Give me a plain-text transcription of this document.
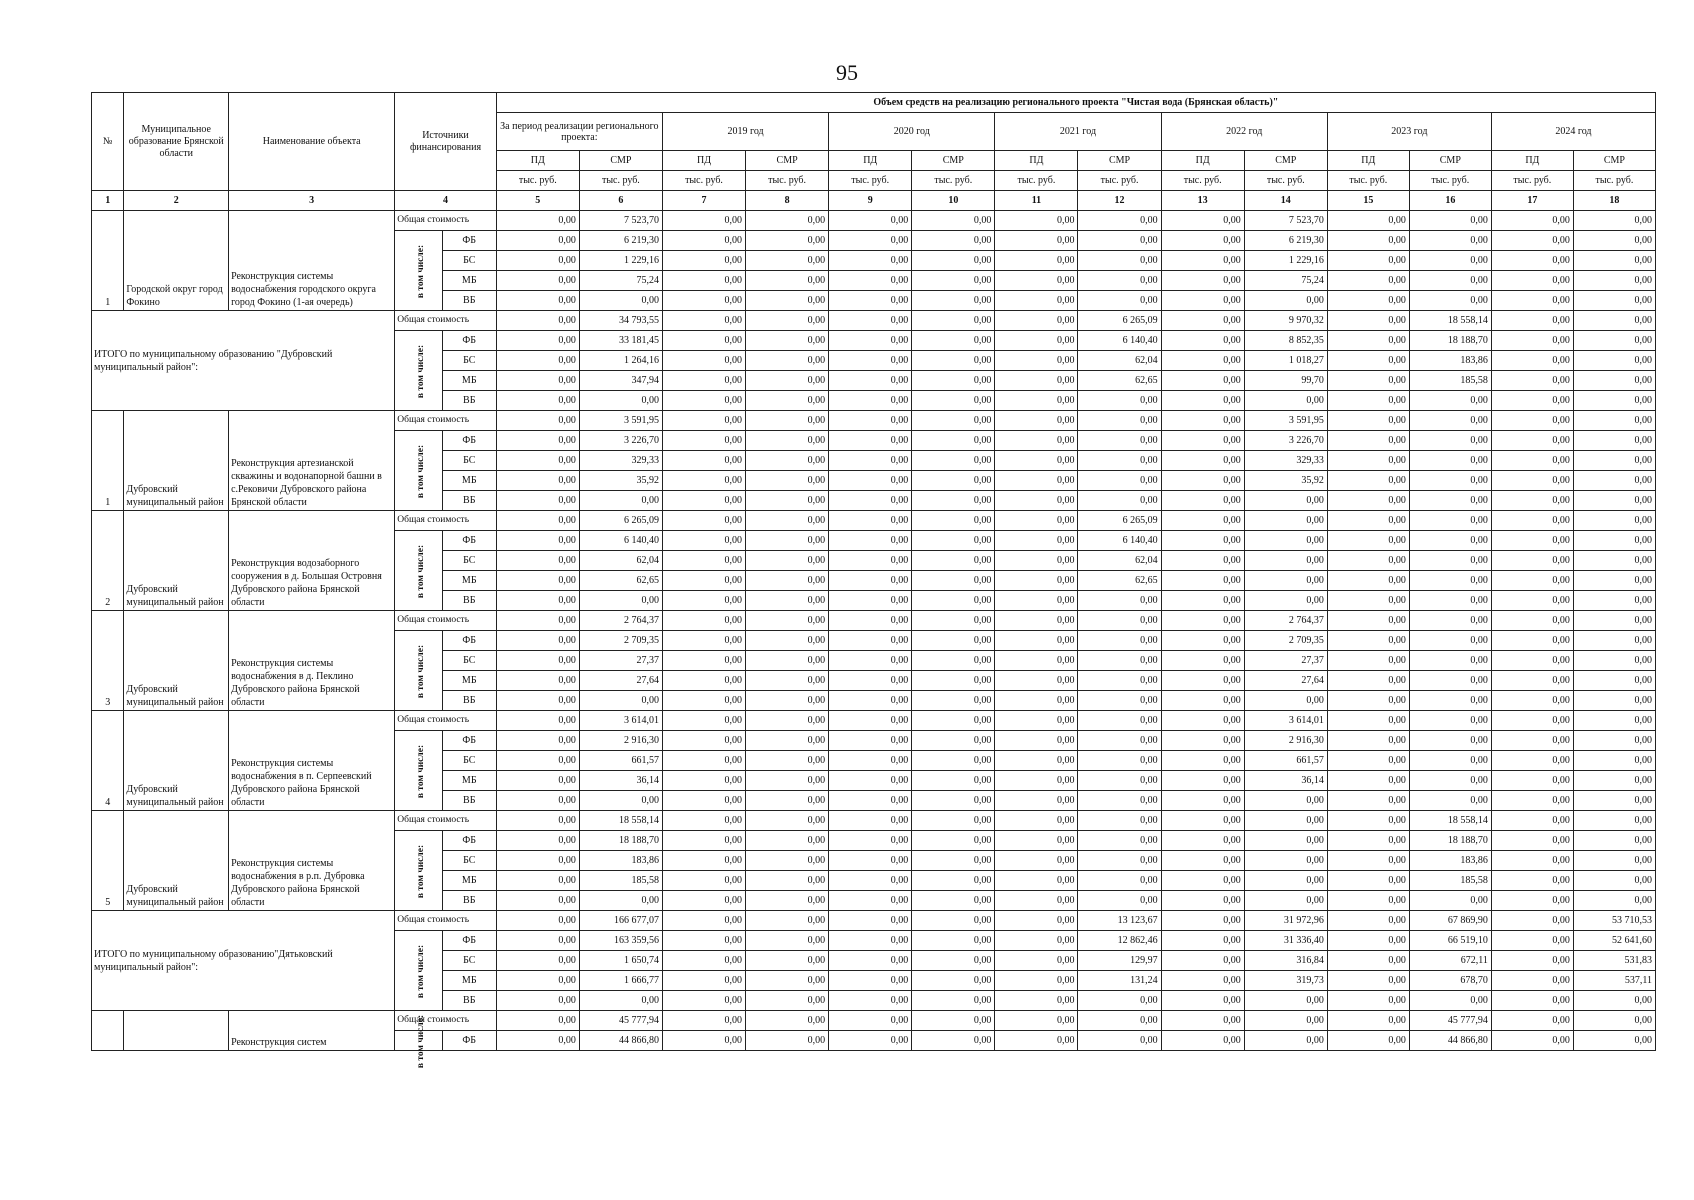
95
№	Муниципальное образование Брянской области	Наименование объекта	Источники финансирования		Объем средств на реализацию регионального проекта "Чистая вода (Брянская область)"													
					За период реализации регионального проекта:		2019 год		2020 год		2021 год		2022 год		2023 год		2024 год	
					ПД	СМР	ПД	СМР	ПД	СМР	ПД	СМР	ПД	СМР	ПД	СМР	ПД	СМР
					тыс. руб.	тыс. руб.	тыс. руб.	тыс. руб.	тыс. руб.	тыс. руб.	тыс. руб.	тыс. руб.	тыс. руб.	тыс. руб.	тыс. руб.	тыс. руб.	тыс. руб.	тыс. руб.
1	2	3	4		5	6	7	8	9	10	11	12	13	14	15	16	17	18
1	Городской округ город Фокино	Реконструкция системы водоснабжения городского округа город Фокино (1-ая очередь)	Общая стоимость		0,00	7 523,70	0,00	0,00	0,00	0,00	0,00	0,00	0,00	7 523,70	0,00	0,00	0,00	0,00
			в том числе:	ФБ	0,00	6 219,30	0,00	0,00	0,00	0,00	0,00	0,00	0,00	6 219,30	0,00	0,00	0,00	0,00
				БС	0,00	1 229,16	0,00	0,00	0,00	0,00	0,00	0,00	0,00	1 229,16	0,00	0,00	0,00	0,00
				МБ	0,00	75,24	0,00	0,00	0,00	0,00	0,00	0,00	0,00	75,24	0,00	0,00	0,00	0,00
				ВБ	0,00	0,00	0,00	0,00	0,00	0,00	0,00	0,00	0,00	0,00	0,00	0,00	0,00	0,00
ИТОГО по муниципальному образованию "Дубровский муниципальный район":			Общая стоимость		0,00	34 793,55	0,00	0,00	0,00	0,00	0,00	6 265,09	0,00	9 970,32	0,00	18 558,14	0,00	0,00
			в том числе:	ФБ	0,00	33 181,45	0,00	0,00	0,00	0,00	0,00	6 140,40	0,00	8 852,35	0,00	18 188,70	0,00	0,00
				БС	0,00	1 264,16	0,00	0,00	0,00	0,00	0,00	62,04	0,00	1 018,27	0,00	183,86	0,00	0,00
				МБ	0,00	347,94	0,00	0,00	0,00	0,00	0,00	62,65	0,00	99,70	0,00	185,58	0,00	0,00
				ВБ	0,00	0,00	0,00	0,00	0,00	0,00	0,00	0,00	0,00	0,00	0,00	0,00	0,00	0,00
1	Дубровский муниципальный район	Реконструкция артезианской скважины и водонапорной башни в с.Рековичи Дубровского района Брянской области	Общая стоимость		0,00	3 591,95	0,00	0,00	0,00	0,00	0,00	0,00	0,00	3 591,95	0,00	0,00	0,00	0,00
			в том числе:	ФБ	0,00	3 226,70	0,00	0,00	0,00	0,00	0,00	0,00	0,00	3 226,70	0,00	0,00	0,00	0,00
				БС	0,00	329,33	0,00	0,00	0,00	0,00	0,00	0,00	0,00	329,33	0,00	0,00	0,00	0,00
				МБ	0,00	35,92	0,00	0,00	0,00	0,00	0,00	0,00	0,00	35,92	0,00	0,00	0,00	0,00
				ВБ	0,00	0,00	0,00	0,00	0,00	0,00	0,00	0,00	0,00	0,00	0,00	0,00	0,00	0,00
2	Дубровский муниципальный район	Реконструкция водозаборного сооружения в д. Большая Островня Дубровского района Брянской области	Общая стоимость		0,00	6 265,09	0,00	0,00	0,00	0,00	0,00	6 265,09	0,00	0,00	0,00	0,00	0,00	0,00
			в том числе:	ФБ	0,00	6 140,40	0,00	0,00	0,00	0,00	0,00	6 140,40	0,00	0,00	0,00	0,00	0,00	0,00
				БС	0,00	62,04	0,00	0,00	0,00	0,00	0,00	62,04	0,00	0,00	0,00	0,00	0,00	0,00
				МБ	0,00	62,65	0,00	0,00	0,00	0,00	0,00	62,65	0,00	0,00	0,00	0,00	0,00	0,00
				ВБ	0,00	0,00	0,00	0,00	0,00	0,00	0,00	0,00	0,00	0,00	0,00	0,00	0,00	0,00
3	Дубровский муниципальный район	Реконструкция системы водоснабжения в д. Пеклино Дубровского района Брянской области	Общая стоимость		0,00	2 764,37	0,00	0,00	0,00	0,00	0,00	0,00	0,00	2 764,37	0,00	0,00	0,00	0,00
			в том числе:	ФБ	0,00	2 709,35	0,00	0,00	0,00	0,00	0,00	0,00	0,00	2 709,35	0,00	0,00	0,00	0,00
				БС	0,00	27,37	0,00	0,00	0,00	0,00	0,00	0,00	0,00	27,37	0,00	0,00	0,00	0,00
				МБ	0,00	27,64	0,00	0,00	0,00	0,00	0,00	0,00	0,00	27,64	0,00	0,00	0,00	0,00
				ВБ	0,00	0,00	0,00	0,00	0,00	0,00	0,00	0,00	0,00	0,00	0,00	0,00	0,00	0,00
4	Дубровский муниципальный район	Реконструкция системы водоснабжения в п. Серпеевский Дубровского района Брянской области	Общая стоимость		0,00	3 614,01	0,00	0,00	0,00	0,00	0,00	0,00	0,00	3 614,01	0,00	0,00	0,00	0,00
			в том числе:	ФБ	0,00	2 916,30	0,00	0,00	0,00	0,00	0,00	0,00	0,00	2 916,30	0,00	0,00	0,00	0,00
				БС	0,00	661,57	0,00	0,00	0,00	0,00	0,00	0,00	0,00	661,57	0,00	0,00	0,00	0,00
				МБ	0,00	36,14	0,00	0,00	0,00	0,00	0,00	0,00	0,00	36,14	0,00	0,00	0,00	0,00
				ВБ	0,00	0,00	0,00	0,00	0,00	0,00	0,00	0,00	0,00	0,00	0,00	0,00	0,00	0,00
5	Дубровский муниципальный район	Реконструкция системы водоснабжения в р.п. Дубровка Дубровского района Брянской области	Общая стоимость		0,00	18 558,14	0,00	0,00	0,00	0,00	0,00	0,00	0,00	0,00	0,00	18 558,14	0,00	0,00
			в том числе:	ФБ	0,00	18 188,70	0,00	0,00	0,00	0,00	0,00	0,00	0,00	0,00	0,00	18 188,70	0,00	0,00
				БС	0,00	183,86	0,00	0,00	0,00	0,00	0,00	0,00	0,00	0,00	0,00	183,86	0,00	0,00
				МБ	0,00	185,58	0,00	0,00	0,00	0,00	0,00	0,00	0,00	0,00	0,00	185,58	0,00	0,00
				ВБ	0,00	0,00	0,00	0,00	0,00	0,00	0,00	0,00	0,00	0,00	0,00	0,00	0,00	0,00
ИТОГО по муниципальному образованию"Дятьковский муниципальный район":			Общая стоимость		0,00	166 677,07	0,00	0,00	0,00	0,00	0,00	13 123,67	0,00	31 972,96	0,00	67 869,90	0,00	53 710,53
			в том числе:	ФБ	0,00	163 359,56	0,00	0,00	0,00	0,00	0,00	12 862,46	0,00	31 336,40	0,00	66 519,10	0,00	52 641,60
				БС	0,00	1 650,74	0,00	0,00	0,00	0,00	0,00	129,97	0,00	316,84	0,00	672,11	0,00	531,83
				МБ	0,00	1 666,77	0,00	0,00	0,00	0,00	0,00	131,24	0,00	319,73	0,00	678,70	0,00	537,11
				ВБ	0,00	0,00	0,00	0,00	0,00	0,00	0,00	0,00	0,00	0,00	0,00	0,00	0,00	0,00
		Реконструкция систем	Общая стоимость		0,00	45 777,94	0,00	0,00	0,00	0,00	0,00	0,00	0,00	0,00	0,00	45 777,94	0,00	0,00
			в том числе:	ФБ	0,00	44 866,80	0,00	0,00	0,00	0,00	0,00	0,00	0,00	0,00	0,00	44 866,80	0,00	0,00
